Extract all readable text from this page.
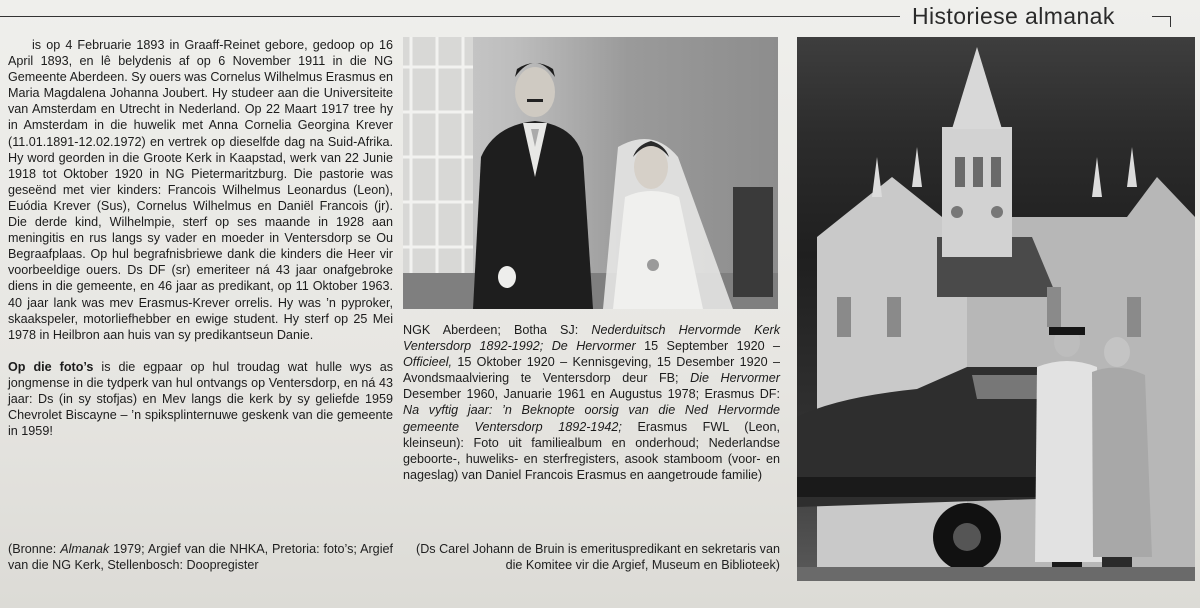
Historiese almanak

is op 4 Februarie 1893 in Graaff-Reinet gebore, gedoop op 16 April 1893, en lê belydenis af op 6 November 1911 in die NG Gemeente Aberdeen. Sy ouers was Cornelus Wilhelmus Erasmus en Maria Magdalena Johanna Joubert. Hy studeer aan die Universiteite van Amsterdam en Utrecht in Nederland. Op 22 Maart 1917 tree hy in Amsterdam in die huwelik met Anna Cornelia Georgina Krever (11.01.1891-12.02.1972) en vertrek op dieselfde dag na Suid-Afrika. Hy word georden in die Groote Kerk in Kaapstad, werk van 22 Junie 1918 tot Oktober 1920 in NG Pietermaritzburg. Die pastorie was geseënd met vier kinders: Francois Wilhelmus Leonardus (Leon), Euódia Krever (Sus), Cornelus Wilhelmus en Daniël Francois (jr). Die derde kind, Wilhelmpie, sterf op ses maande in 1928 aan meningitis en rus langs sy vader en moeder in Ventersdorp se Ou Begraafplaas. Op hul begrafnisbriewe dank die kinders die Heer vir voorbeeldige ouers. Ds DF (sr) emeriteer ná 43 jaar onafgebroke diens in die gemeente, en 46 jaar as predikant, op 11 Oktober 1963. 40 jaar lank was mev Erasmus-Krever orrelis. Hy was ’n pyproker, skaakspeler, motorliefhebber en ewige student. Hy sterf op 25 Mei 1978 in Heilbron aan huis van sy predikantseun Danie.

Op die foto’s is die egpaar op hul troudag wat hulle wys as jongmense in die tydperk van hul ontvangs op Ventersdorp, en ná 43 jaar: Ds (in sy stofjas) en Mev langs die kerk by sy geliefde 1959 Chevrolet Biscayne – ’n spiksplinternuwe geskenk van die gemeente in 1959!

NGK Aberdeen; Botha SJ: Nederduitsch Hervormde Kerk Ventersdorp 1892-1992; De Hervormer 15 September 1920 – Officieel, 15 Oktober 1920 – Kennisgeving, 15 Desember 1920 – Avondsmaalviering te Ventersdorp deur FB; Die Hervormer Desember 1960, Januarie 1961 en Augustus 1978; Erasmus DF: Na vyftig jaar: ’n Beknopte oorsig van die Ned Hervormde gemeente Ventersdorp 1892-1942; Erasmus FWL (Leon, kleinseun): Foto uit familiealbum en onderhoud; Nederlandse geboorte-, huweliks- en sterfregisters, asook stamboom (voor- en nageslag) van Daniel Francois Erasmus en aangetroude familie)

(Bronne: Almanak 1979; Argief van die NHKA, Pretoria: foto’s; Argief van die NG Kerk, Stellenbosch: Doopregister

(Ds Carel Johann de Bruin is emerituspredikant en sekretaris van die Komitee vir die Argief, Museum en Biblioteek)
